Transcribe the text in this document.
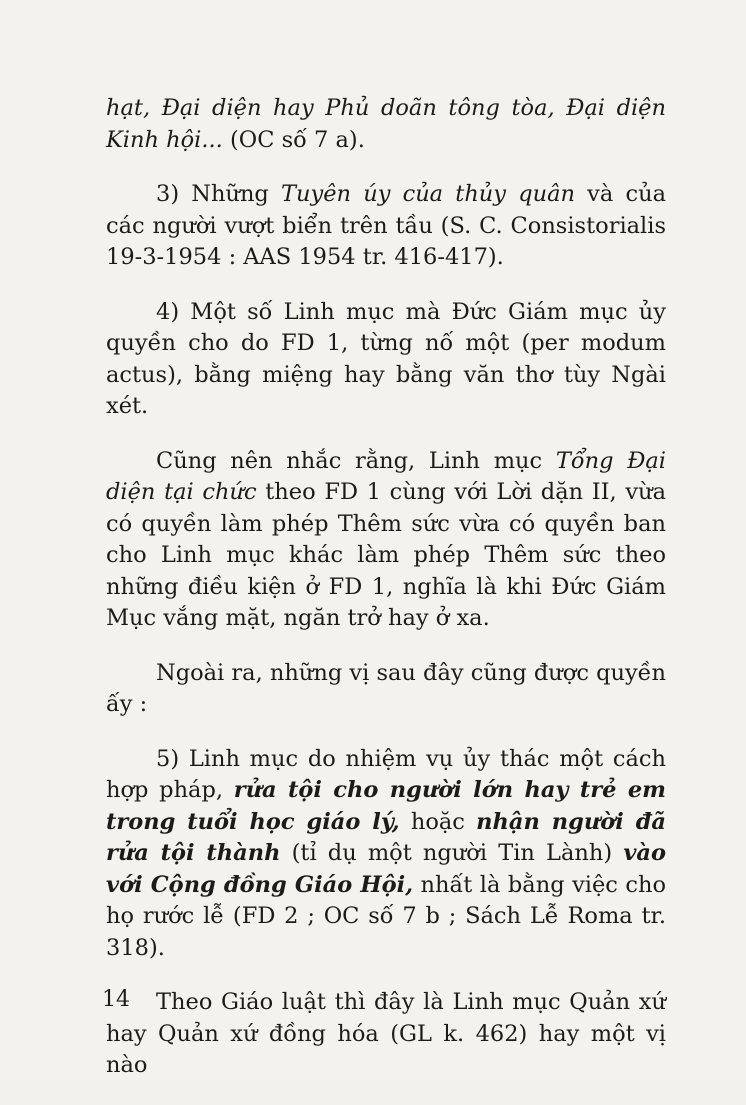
hạt, Đại diện hay Phủ doãn tông tòa, Đại diện Kinh hội... (OC số 7 a).

3) Những Tuyên úy của thủy quân và của các người vượt biển trên tầu (S. C. Consistorialis 19-3-1954 : AAS 1954 tr. 416-417).

4) Một số Linh mục mà Đức Giám mục ủy quyền cho do FD 1, từng nố một (per modum actus), bằng miệng hay bằng văn thơ tùy Ngài xét.

Cũng nên nhắc rằng, Linh mục Tổng Đại diện tại chức theo FD 1 cùng với Lời dặn II, vừa có quyền làm phép Thêm sức vừa có quyền ban cho Linh mục khác làm phép Thêm sức theo những điều kiện ở FD 1, nghĩa là khi Đức Giám Mục vắng mặt, ngăn trở hay ở xa.

Ngoài ra, những vị sau đây cũng được quyền ấy :

5) Linh mục do nhiệm vụ ủy thác một cách hợp pháp, rửa tội cho người lớn hay trẻ em trong tuổi học giáo lý, hoặc nhận người đã rửa tội thành (tỉ dụ một người Tin Lành) vào với Cộng đồng Giáo Hội, nhất là bằng việc cho họ rước lễ (FD 2 ; OC số 7 b ; Sách Lễ Roma tr. 318).

Theo Giáo luật thì đây là Linh mục Quản xứ hay Quản xứ đồng hóa (GL k. 462) hay một vị nào

14
